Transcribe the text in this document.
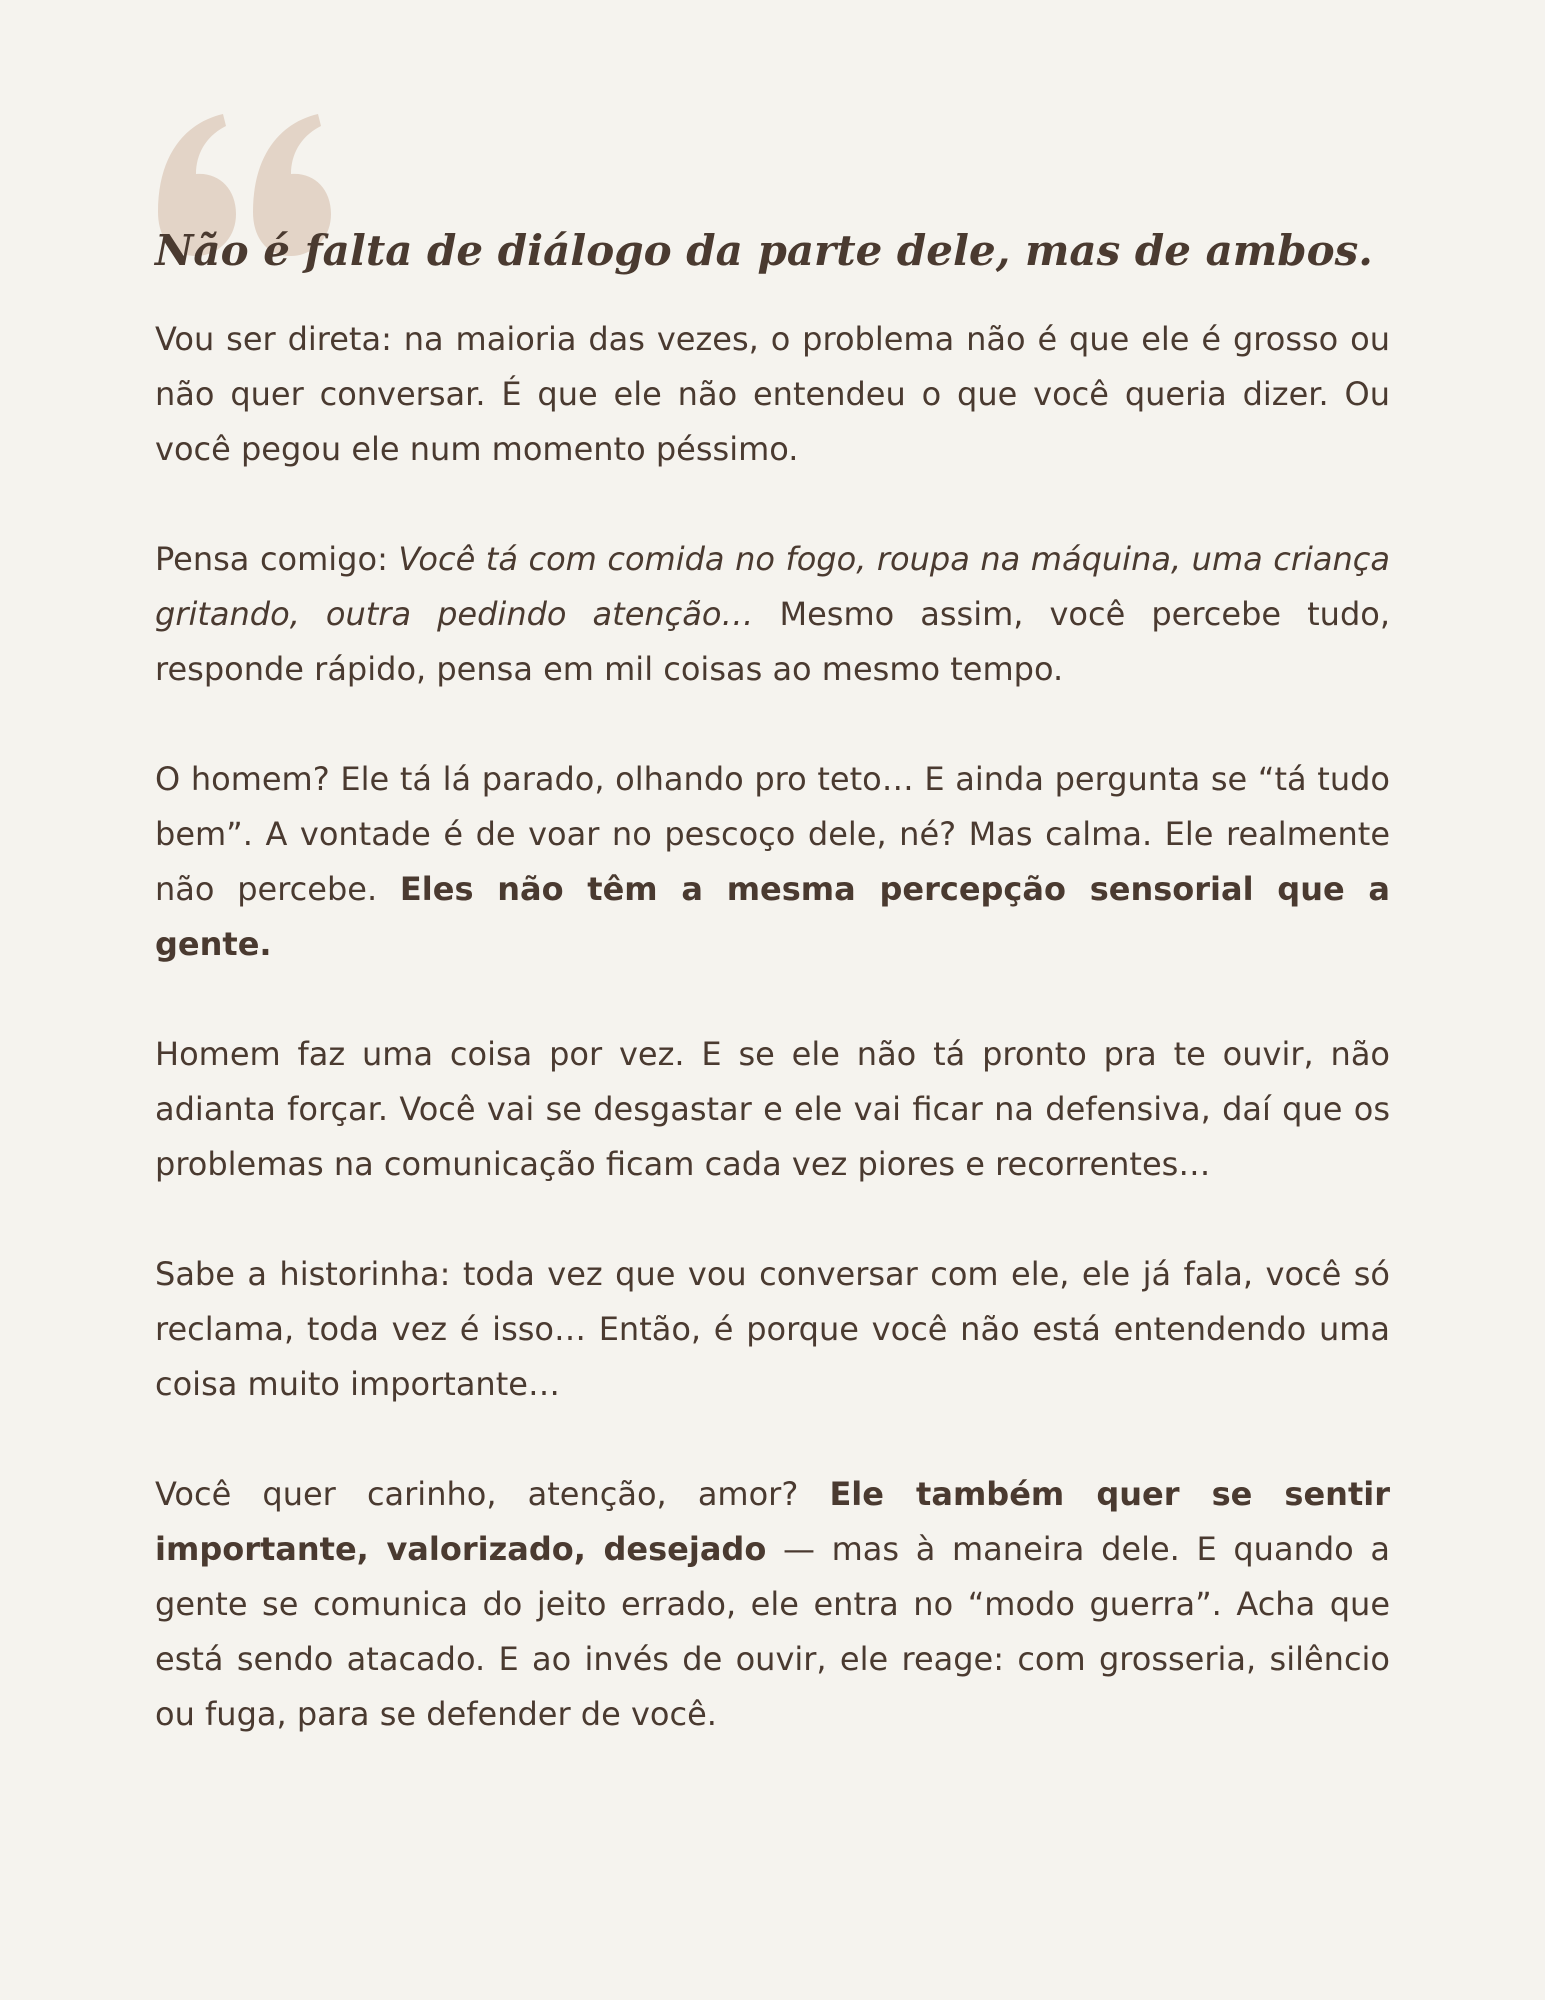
Não é falta de diálogo da parte dele, mas de ambos.

Vou ser direta: na maioria das vezes, o problema não é que ele é grosso ou não quer conversar. É que ele não entendeu o que você queria dizer. Ou você pegou ele num momento péssimo.

Pensa comigo: Você tá com comida no fogo, roupa na máquina, uma criança gritando, outra pedindo atenção… Mesmo assim, você percebe tudo, responde rápido, pensa em mil coisas ao mesmo tempo.

O homem? Ele tá lá parado, olhando pro teto… E ainda pergunta se “tá tudo bem”. A vontade é de voar no pescoço dele, né? Mas calma. Ele realmente não percebe. Eles não têm a mesma percepção sensorial que a gente.

Homem faz uma coisa por vez. E se ele não tá pronto pra te ouvir, não adianta forçar. Você vai se desgastar e ele vai ficar na defensiva, daí que os problemas na comunicação ficam cada vez piores e recorrentes…

Sabe a historinha: toda vez que vou conversar com ele, ele já fala, você só reclama, toda vez é isso… Então, é porque você não está entendendo uma coisa muito importante…

Você quer carinho, atenção, amor? Ele também quer se sentir importante, valorizado, desejado — mas à maneira dele. E quando a gente se comunica do jeito errado, ele entra no “modo guerra”. Acha que está sendo atacado. E ao invés de ouvir, ele reage: com grosseria, silêncio ou fuga, para se defender de você.
